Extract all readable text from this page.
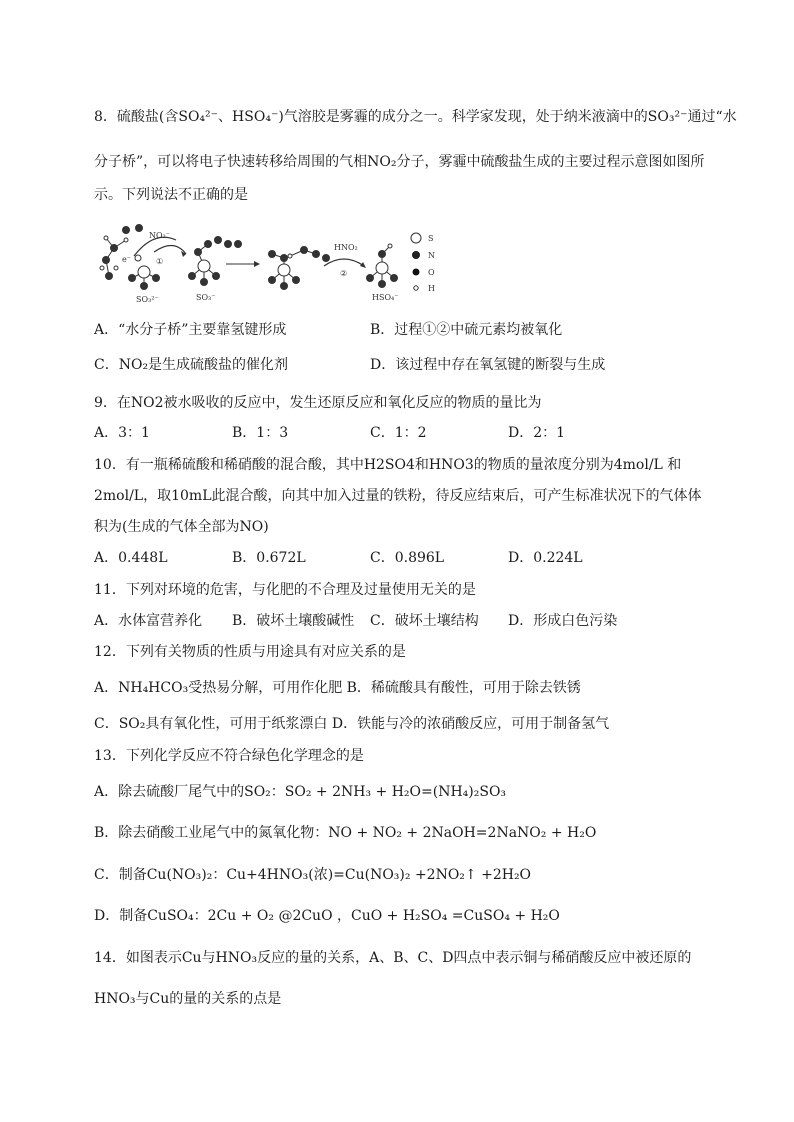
8．硫酸盐(含SO₄²⁻、HSO₄⁻)气溶胶是雾霾的成分之一。科学家发现，处于纳米液滴中的SO₃²⁻通过“水
分子桥”，可以将电子快速转移给周围的气相NO₂分子，雾霾中硫酸盐生成的主要过程示意图如图所
示。下列说法不正确的是
NO₂⁻
e⁻	①
SO₃²⁻	SO₃⁻
HNO₂
②
HSO₄⁻
S
N
O
H
A．“水分子桥”主要靠氢键形成	B．过程①②中硫元素均被氧化
C．NO₂是生成硫酸盐的催化剂	D．该过程中存在氧氢键的断裂与生成
9．在NO2被水吸收的反应中，发生还原反应和氧化反应的物质的量比为
A．3：1	B．1：3	C．1：2	D．2：1
10．有一瓶稀硫酸和稀硝酸的混合酸，其中H2SO4和HNO3的物质的量浓度分别为4mol/L 和
2mol/L，取10mL此混合酸，向其中加入过量的铁粉，待反应结束后，可产生标准状况下的气体体
积为(生成的气体全部为NO)
A．0.448L	B．0.672L	C．0.896L	D．0.224L
11．下列对环境的危害，与化肥的不合理及过量使用无关的是
A．水体富营养化 B．破坏土壤酸碱性 C．破坏土壤结构 D．形成白色污染
12．下列有关物质的性质与用途具有对应关系的是
A．NH₄HCO₃受热易分解，可用作化肥 B．稀硫酸具有酸性，可用于除去铁锈
C．SO₂具有氧化性，可用于纸浆漂白 D．铁能与冷的浓硝酸反应，可用于制备氢气
13．下列化学反应不符合绿色化学理念的是
A．除去硫酸厂尾气中的SO₂：SO₂ + 2NH₃ + H₂O=(NH₄)₂SO₃
B．除去硝酸工业尾气中的氮氧化物：NO + NO₂ + 2NaOH=2NaNO₂ + H₂O
C．制备Cu(NO₃)₂：Cu+4HNO₃(浓)=Cu(NO₃)₂ +2NO₂↑ +2H₂O
D．制备CuSO₄：2Cu + O₂ @2CuO ，CuO + H₂SO₄ =CuSO₄ + H₂O
14．如图表示Cu与HNO₃反应的量的关系，A、B、C、D四点中表示铜与稀硝酸反应中被还原的
HNO₃与Cu的量的关系的点是
